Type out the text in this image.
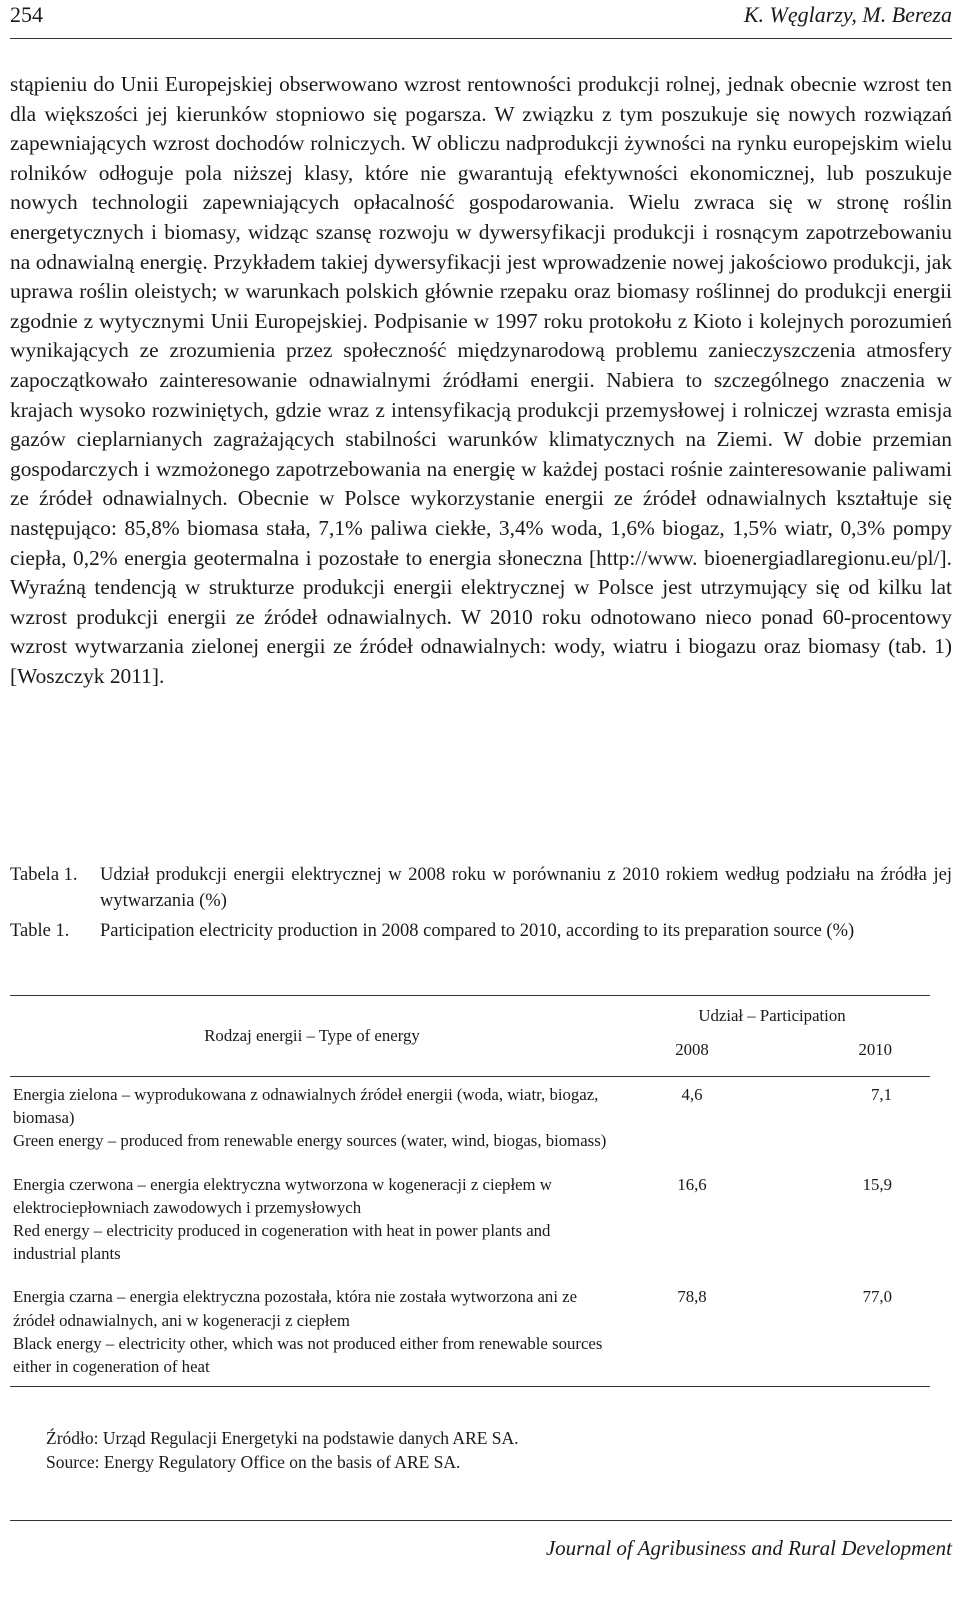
254	K. Węglarzy, M. Bereza

stąpieniu do Unii Europejskiej obserwowano wzrost rentowności produkcji rolnej, jednak obecnie wzrost ten dla większości jej kierunków stopniowo się pogarsza. W związku z tym poszukuje się nowych rozwiązań zapewniających wzrost dochodów rolniczych. W obliczu nadprodukcji żywności na rynku europejskim wielu rolników odłoguje pola niższej klasy, które nie gwarantują efektywności ekonomicznej, lub poszukuje nowych technologii zapewniających opłacalność gospodarowania. Wielu zwraca się w stronę roślin energetycznych i biomasy, widząc szansę rozwoju w dywersyfikacji produkcji i rosnącym zapotrzebowaniu na odnawialną energię. Przykładem takiej dywersyfikacji jest wprowadzenie nowej jakościowo produkcji, jak uprawa roślin oleistych; w warunkach polskich głównie rzepaku oraz biomasy roślinnej do produkcji energii zgodnie z wytycznymi Unii Europejskiej. Podpisanie w 1997 roku protokołu z Kioto i kolejnych porozumień wynikających ze zrozumienia przez społeczność międzynarodową problemu zanieczyszczenia atmosfery zapoczątkowało zainteresowanie odnawialnymi źródłami energii. Nabiera to szczególnego znaczenia w krajach wysoko rozwiniętych, gdzie wraz z intensyfikacją produkcji przemysłowej i rolniczej wzrasta emisja gazów cieplarnianych zagrażających stabilności warunków klimatycznych na Ziemi. W dobie przemian gospodarczych i wzmożonego zapotrzebowania na energię w każdej postaci rośnie zainteresowanie paliwami ze źródeł odnawialnych. Obecnie w Polsce wykorzystanie energii ze źródeł odnawialnych kształtuje się następująco: 85,8% biomasa stała, 7,1% paliwa ciekłe, 3,4% woda, 1,6% biogaz, 1,5% wiatr, 0,3% pompy ciepła, 0,2% energia geotermalna i pozostałe to energia słoneczna [http://www. bioenergiadlaregionu.eu/pl/]. Wyraźną tendencją w strukturze produkcji energii elektrycznej w Polsce jest utrzymujący się od kilku lat wzrost produkcji energii ze źródeł odnawialnych. W 2010 roku odnotowano nieco ponad 60-procentowy wzrost wytwarzania zielonej energii ze źródeł odnawialnych: wody, wiatru i biogazu oraz biomasy (tab. 1) [Woszczyk 2011].

Tabela 1.	Udział produkcji energii elektrycznej w 2008 roku w porównaniu z 2010 rokiem według podziału na źródła jej wytwarzania (%)
Table 1.	Participation electricity production in 2008 compared to 2010, according to its preparation source (%)
Rodzaj energii – Type of energy	Udział – Participation	
	2008	2010

Energia zielona – wyprodukowana z odnawialnych źródeł energii (woda, wiatr, biogaz, biomasa)
Green energy – produced from renewable energy sources (water, wind, biogas, biomass)	4,6	7,1

Energia czerwona – energia elektryczna wytworzona w kogeneracji z ciepłem w elektrociepłowniach zawodowych i przemysłowych
Red energy – electricity produced in cogeneration with heat in power plants and industrial plants	16,6	15,9

Energia czarna – energia elektryczna pozostała, która nie została wytworzona ani ze źródeł odnawialnych, ani w kogeneracji z ciepłem
Black energy – electricity other, which was not produced either from renewable sources either in cogeneration of heat	78,8	77,0
Źródło: Urząd Regulacji Energetyki na podstawie danych ARE SA.
Source: Energy Regulatory Office on the basis of ARE SA.
Journal of Agribusiness and Rural Development
